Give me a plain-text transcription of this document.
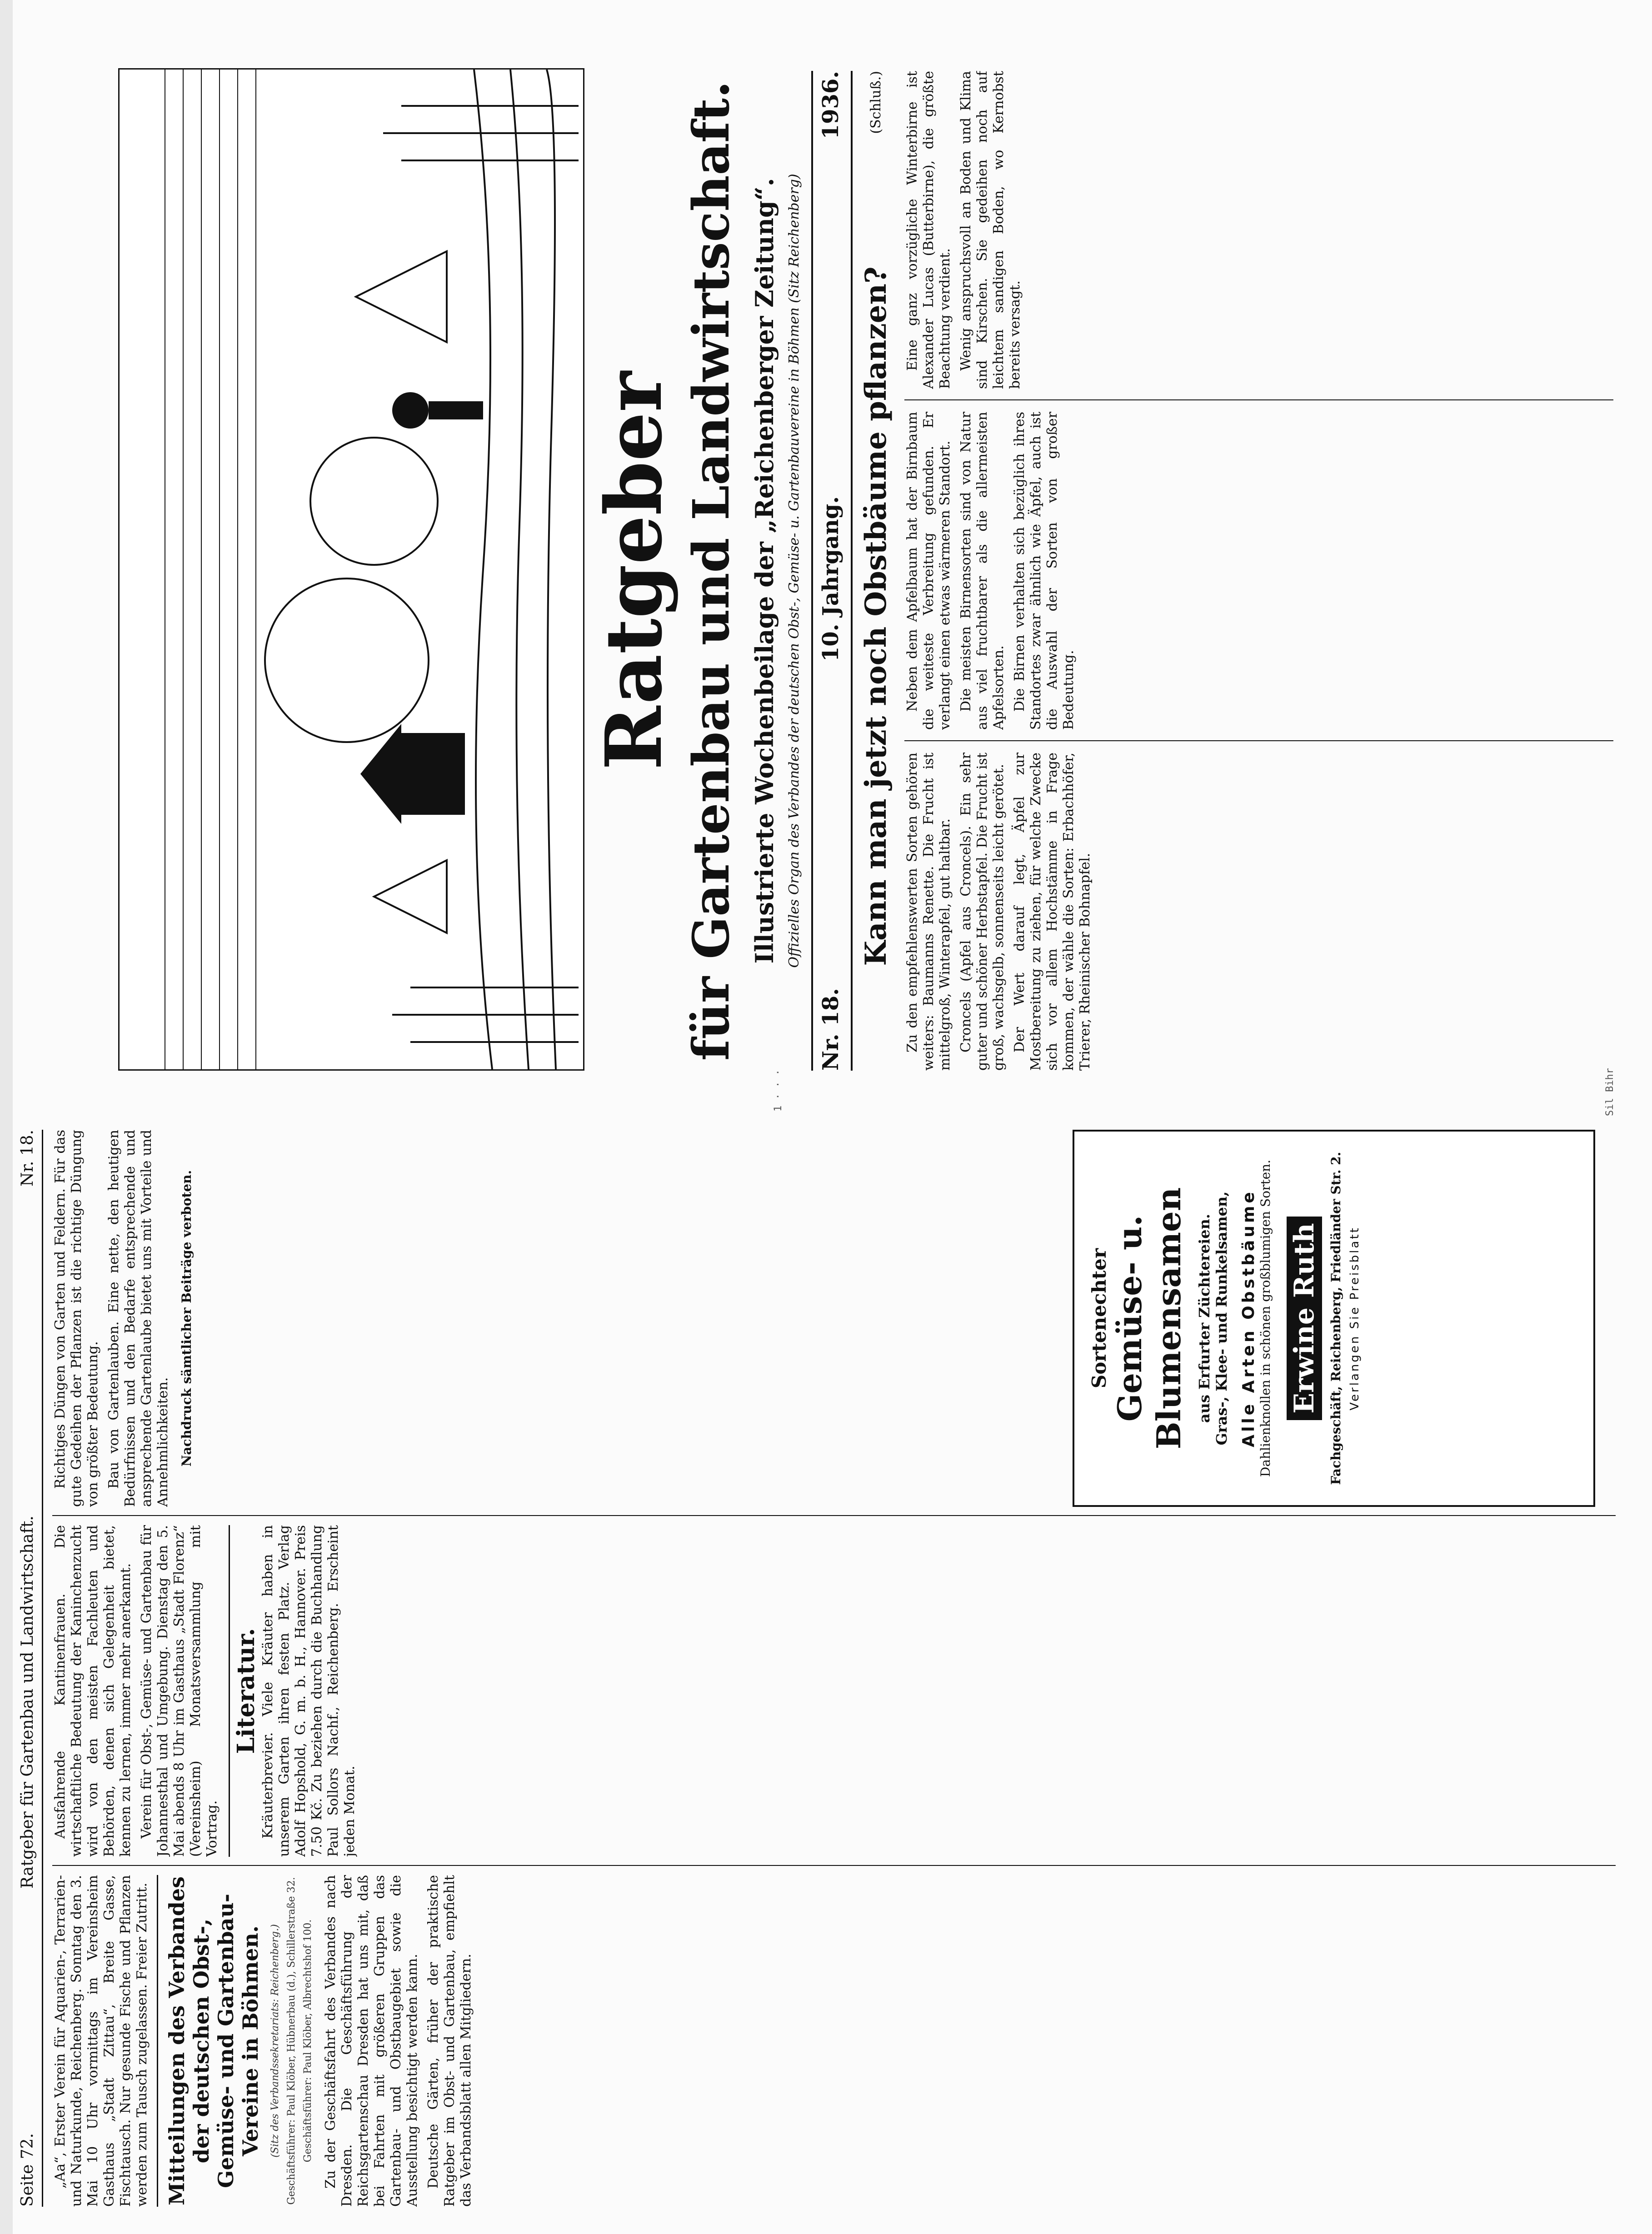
Seite 72.
Ratgeber für Gartenbau und Landwirtschaft.
Nr. 18.

„Aa“, Erster Verein für Aquarien-, Terrarien- und Naturkunde, Reichenberg. Sonntag den 3. Mai 10 Uhr vormittags im Vereinsheim Gasthaus „Stadt Zittau“, Breite Gasse, Fischtausch. Nur gesunde Fische und Pflanzen werden zum Tausch zugelassen. Freier Zutritt. Mitteilungen des Verbandes der deutschen Obst-, Gemüse- und Gartenbau-Vereine in Böhmen. (Sitz des Verbandssekretariats: Reichenberg.) Geschäftsführer: Paul Klöber, Hübnerbau (d.), Schillerstraße 32. Geschäftsführer: Paul Klöber, Albrechtshof 100. Zu der Geschäftsfahrt des Verbandes nach Dresden. Die Geschäftsführung der Reichsgartenschau Dresden hat uns mit, daß bei Fahrten mit größeren Gruppen das Gartenbau- und Obstbaugebiet sowie die Ausstellung besichtigt werden kann. Deutsche Gärten, früher der praktische Ratgeber im Obst- und Gartenbau, empfiehlt das Verbandsblatt allen Mitgliedern.

Ausfahrende Kantinenfrauen. Die wirtschaftliche Bedeutung der Kaninchenzucht wird von den meisten Fachleuten und Behörden, denen sich Gelegenheit bietet, kennen zu lernen, immer mehr anerkannt. Verein für Obst-, Gemüse- und Gartenbau für Johannesthal und Umgebung. Dienstag den 5. Mai abends 8 Uhr im Gasthaus „Stadt Florenz“ (Vereinsheim) Monatsversammlung mit Vortrag.

Literatur. Kräuterbrevier. Viele Kräuter haben in unserem Garten ihren festen Platz. Verlag Adolf Hopshold, G. m. b. H., Hannover. Preis 7.50 Kč. Zu beziehen durch die Buchhandlung Paul Sollors Nachf., Reichenberg. Erscheint jeden Monat.

Richtiges Düngen von Garten und Feldern. Für das gute Gedeihen der Pflanzen ist die richtige Düngung von größter Bedeutung. Bau von Gartenlauben. Eine nette, den heutigen Bedürfnissen und den Bedarfe entsprechende und ansprechende Gartenlaube bietet uns mit Vorteile und Annehmlichkeiten. Nachdruck sämtlicher Beiträge verboten.	Sortenechter Gemüse- u. Blumensamen aus Erfurter Züchtereien. Gras-, Klee- und Runkelsamen, Alle Arten Obstbäume Dahlienknollen in schönen großblumigen Sorten. Erwine Ruth Fachgeschäft, Reichenberg, Friedländer Str. 2. Verlangen Sie Preisblatt
Sil Bihr
1 · · ·
Ratgeber für Gartenbau und Landwirtschaft. Illustrierte Wochenbeilage der „Reichenberger Zeitung“. Offizielles Organ des Verbandes der deutschen Obst-, Gemüse- u. Gartenbauvereine in Böhmen (Sitz Reichenberg)
Nr. 18.
10. Jahrgang.
1936.
Kann man jetzt noch Obstbäume pflanzen?
(Schluß.)

Zu den empfehlenswerten Sorten gehören weiters: Baumanns Renette. Die Frucht ist mittelgroß, Winterapfel, gut haltbar. Croncels (Apfel aus Croncels). Ein sehr guter und schöner Herbstapfel. Die Frucht ist groß, wachsgelb, sonnenseits leicht gerötet. Der Wert darauf legt, Äpfel zur Mostbereitung zu ziehen, für welche Zwecke sich vor allem Hochstämme in Frage kommen, der wähle die Sorten: Erbachhöfer, Trierer, Rheinischer Bohnapfel.

Neben dem Apfelbaum hat der Birnbaum die weiteste Verbreitung gefunden. Er verlangt einen etwas wärmeren Standort. Die meisten Birnensorten sind von Natur aus viel fruchtbarer als die allermeisten Apfelsorten. Die Birnen verhalten sich bezüglich ihres Standortes zwar ähnlich wie Äpfel, auch ist die Auswahl der Sorten von großer Bedeutung.

Eine ganz vorzügliche Winterbirne ist Alexander Lucas (Butterbirne), die größte Beachtung verdient. Wenig anspruchsvoll an Boden und Klima sind Kirschen. Sie gedeihen noch auf leichtem sandigen Boden, wo Kernobst bereits versagt.
